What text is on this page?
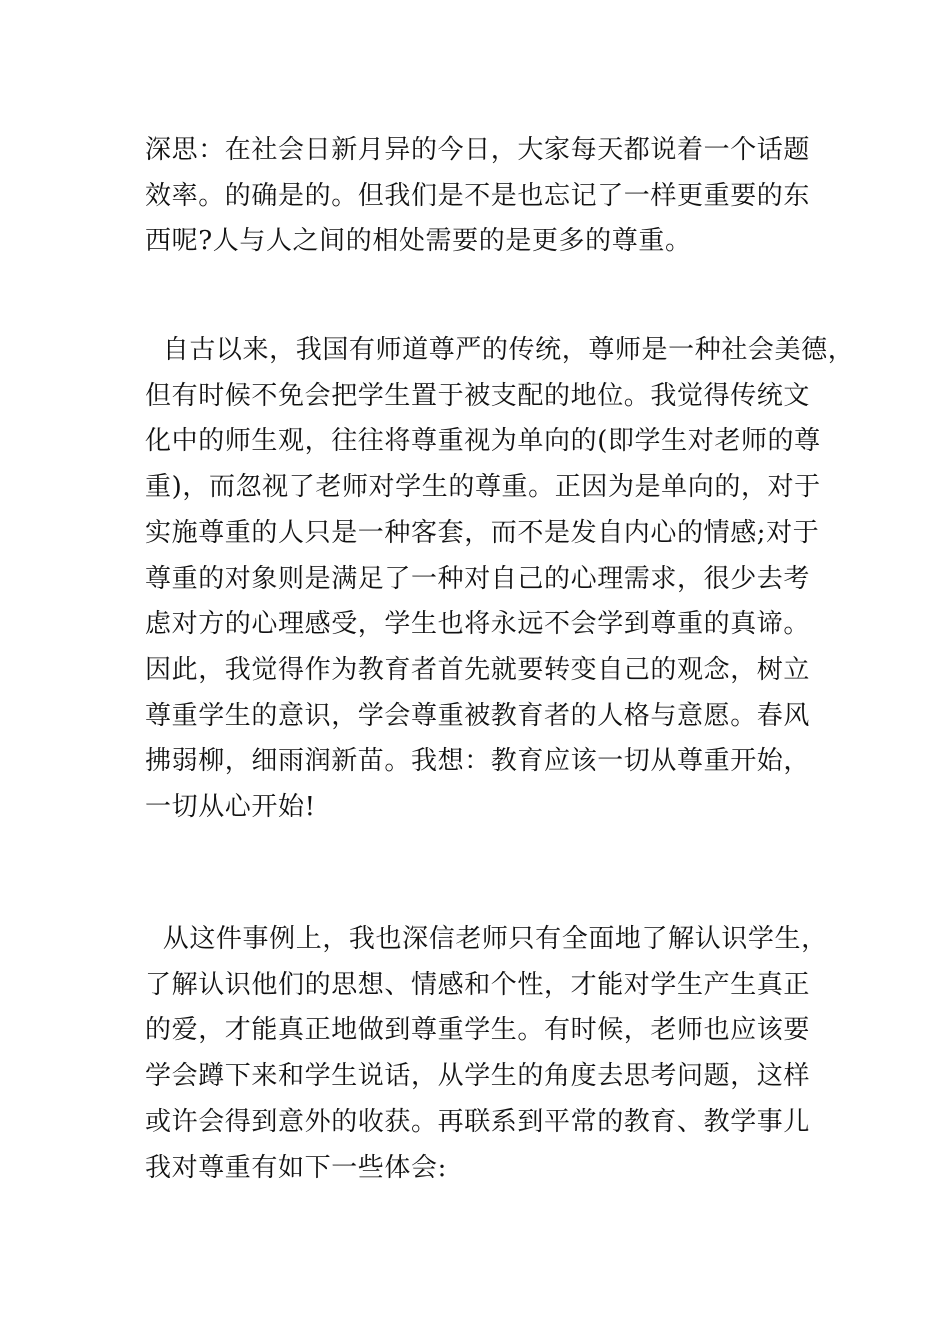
深思：在社会日新月异的今日，大家每天都说着一个话题
效率。的确是的。但我们是不是也忘记了一样更重要的东
西呢?人与人之间的相处需要的是更多的尊重。
自古以来，我国有师道尊严的传统，尊师是一种社会美德，
但有时候不免会把学生置于被支配的地位。我觉得传统文
化中的师生观，往往将尊重视为单向的(即学生对老师的尊
重)，而忽视了老师对学生的尊重。正因为是单向的，对于
实施尊重的人只是一种客套，而不是发自内心的情感;对于
尊重的对象则是满足了一种对自己的心理需求，很少去考
虑对方的心理感受，学生也将永远不会学到尊重的真谛。
因此，我觉得作为教育者首先就要转变自己的观念，树立
尊重学生的意识，学会尊重被教育者的人格与意愿。春风
拂弱柳，细雨润新苗。我想：教育应该一切从尊重开始，
一切从心开始!
从这件事例上，我也深信老师只有全面地了解认识学生，
了解认识他们的思想、情感和个性，才能对学生产生真正
的爱，才能真正地做到尊重学生。有时候，老师也应该要
学会蹲下来和学生说话，从学生的角度去思考问题，这样
或许会得到意外的收获。再联系到平常的教育、教学事儿
我对尊重有如下一些体会:
